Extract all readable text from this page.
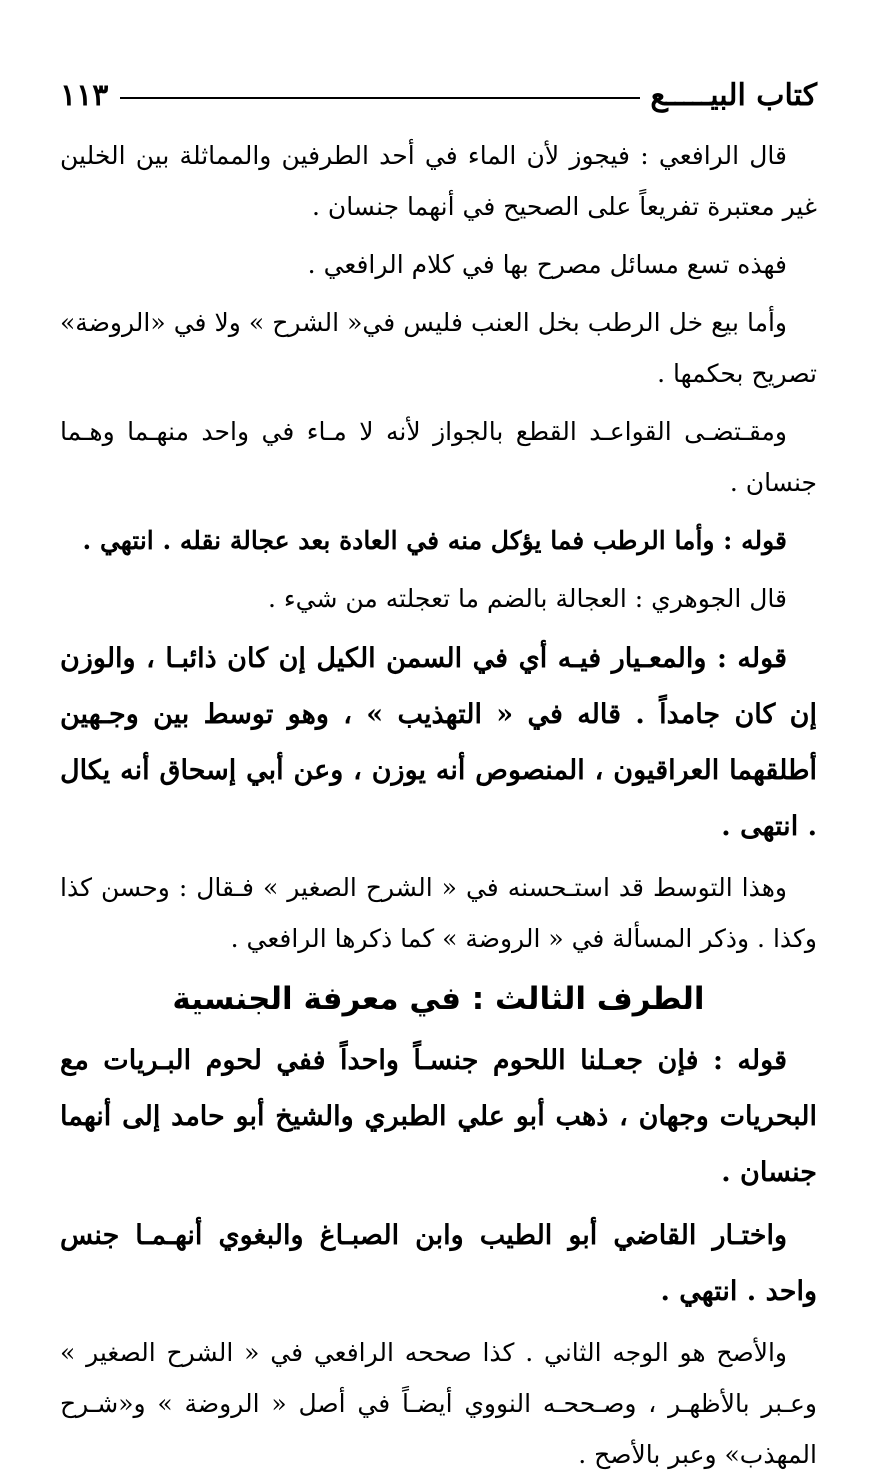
كتاب البيـــــع
١١٣

قال الرافعي : فيجوز لأن الماء في أحد الطرفين والمماثلة بين الخلين غير معتبرة تفريعاً على الصحيح في أنهما جنسان .

فهذه تسع مسائل مصرح بها في كلام الرافعي .

وأما بيع خل الرطب بخل العنب فليس في« الشرح » ولا في «الروضة» تصريح بحكمها .

ومقـتضـى القواعـد القطع بالجواز لأنه لا مـاء في واحد منهـما وهـما جنسان .

قوله : وأما الرطب فما يؤكل منه في العادة بعد عجالة نقله . انتهي .

قال الجوهري : العجالة بالضم ما تعجلته من شيء .

قوله : والمعـيار فيـه أي في السمن الكيل إن كان ذائبـا ، والوزن إن كان جامداً . قاله في « التهذيب » ، وهو توسط بين وجـهين أطلقهما العراقيون ، المنصوص أنه يوزن ، وعن أبي إسحاق أنه يكال . انتهى .

وهذا التوسط قد استـحسنه في « الشرح الصغير » فـقال : وحسن كذا وكذا . وذكر المسألة في « الروضة » كما ذكرها الرافعي .

الطرف الثالث : في معرفة الجنسية

قوله : فإن جعـلنا اللحوم جنسـاً واحداً ففي لحوم البـريات مع البحريات وجهان ، ذهب أبو علي الطبري والشيخ أبو حامد إلى أنهما جنسان .

واختـار القاضي أبو الطيب وابن الصبـاغ والبغوي أنهـمـا جنس واحد . انتهي .

والأصح هو الوجه الثاني . كذا صححه الرافعي في « الشرح الصغير » وعـبر بالأظهـر ، وصـححـه النووي أيضـاً في أصل « الروضة » و«شـرح المهذب» وعبر بالأصح .
